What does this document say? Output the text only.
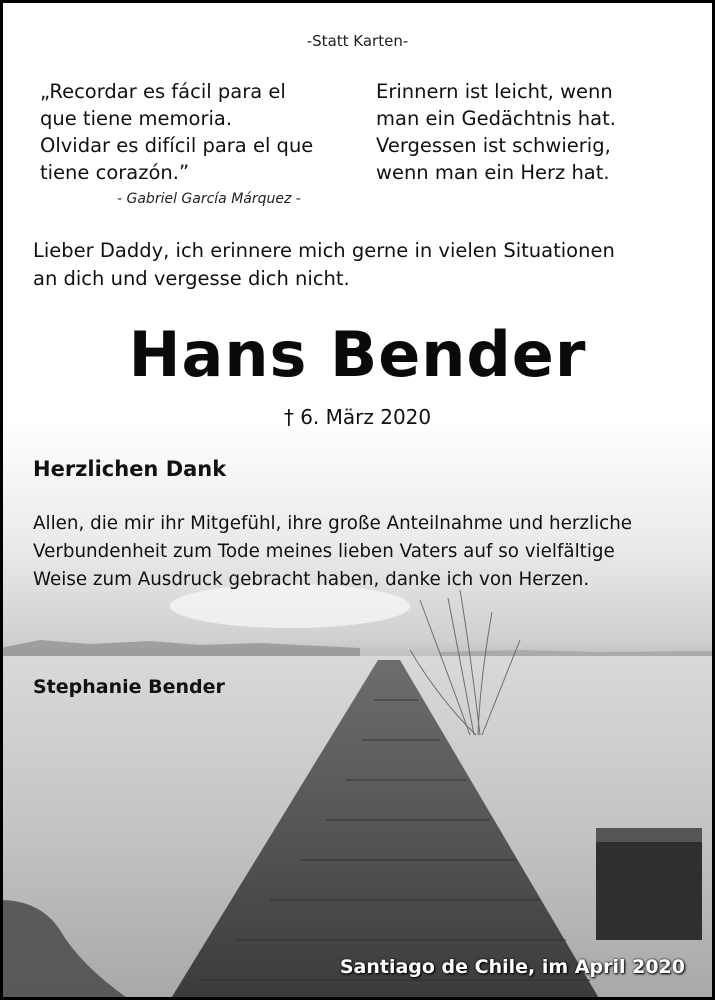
-Statt Karten-
„Recordar es fácil para el
que tiene memoria.
Olvidar es difícil para el que
tiene corazón.”
Erinnern ist leicht, wenn
man ein Gedächtnis hat.
Vergessen ist schwierig,
wenn man ein Herz hat.
- Gabriel García Márquez -
Lieber Daddy, ich erinnere mich gerne in vielen Situationen
an dich und vergesse dich nicht.
Hans Bender
† 6. März 2020
Herzlichen Dank
Allen, die mir ihr Mitgefühl, ihre große Anteilnahme und herzliche
Verbundenheit zum Tode meines lieben Vaters auf so vielfältige
Weise zum Ausdruck gebracht haben, danke ich von Herzen.
Stephanie Bender
Santiago de Chile, im April 2020
